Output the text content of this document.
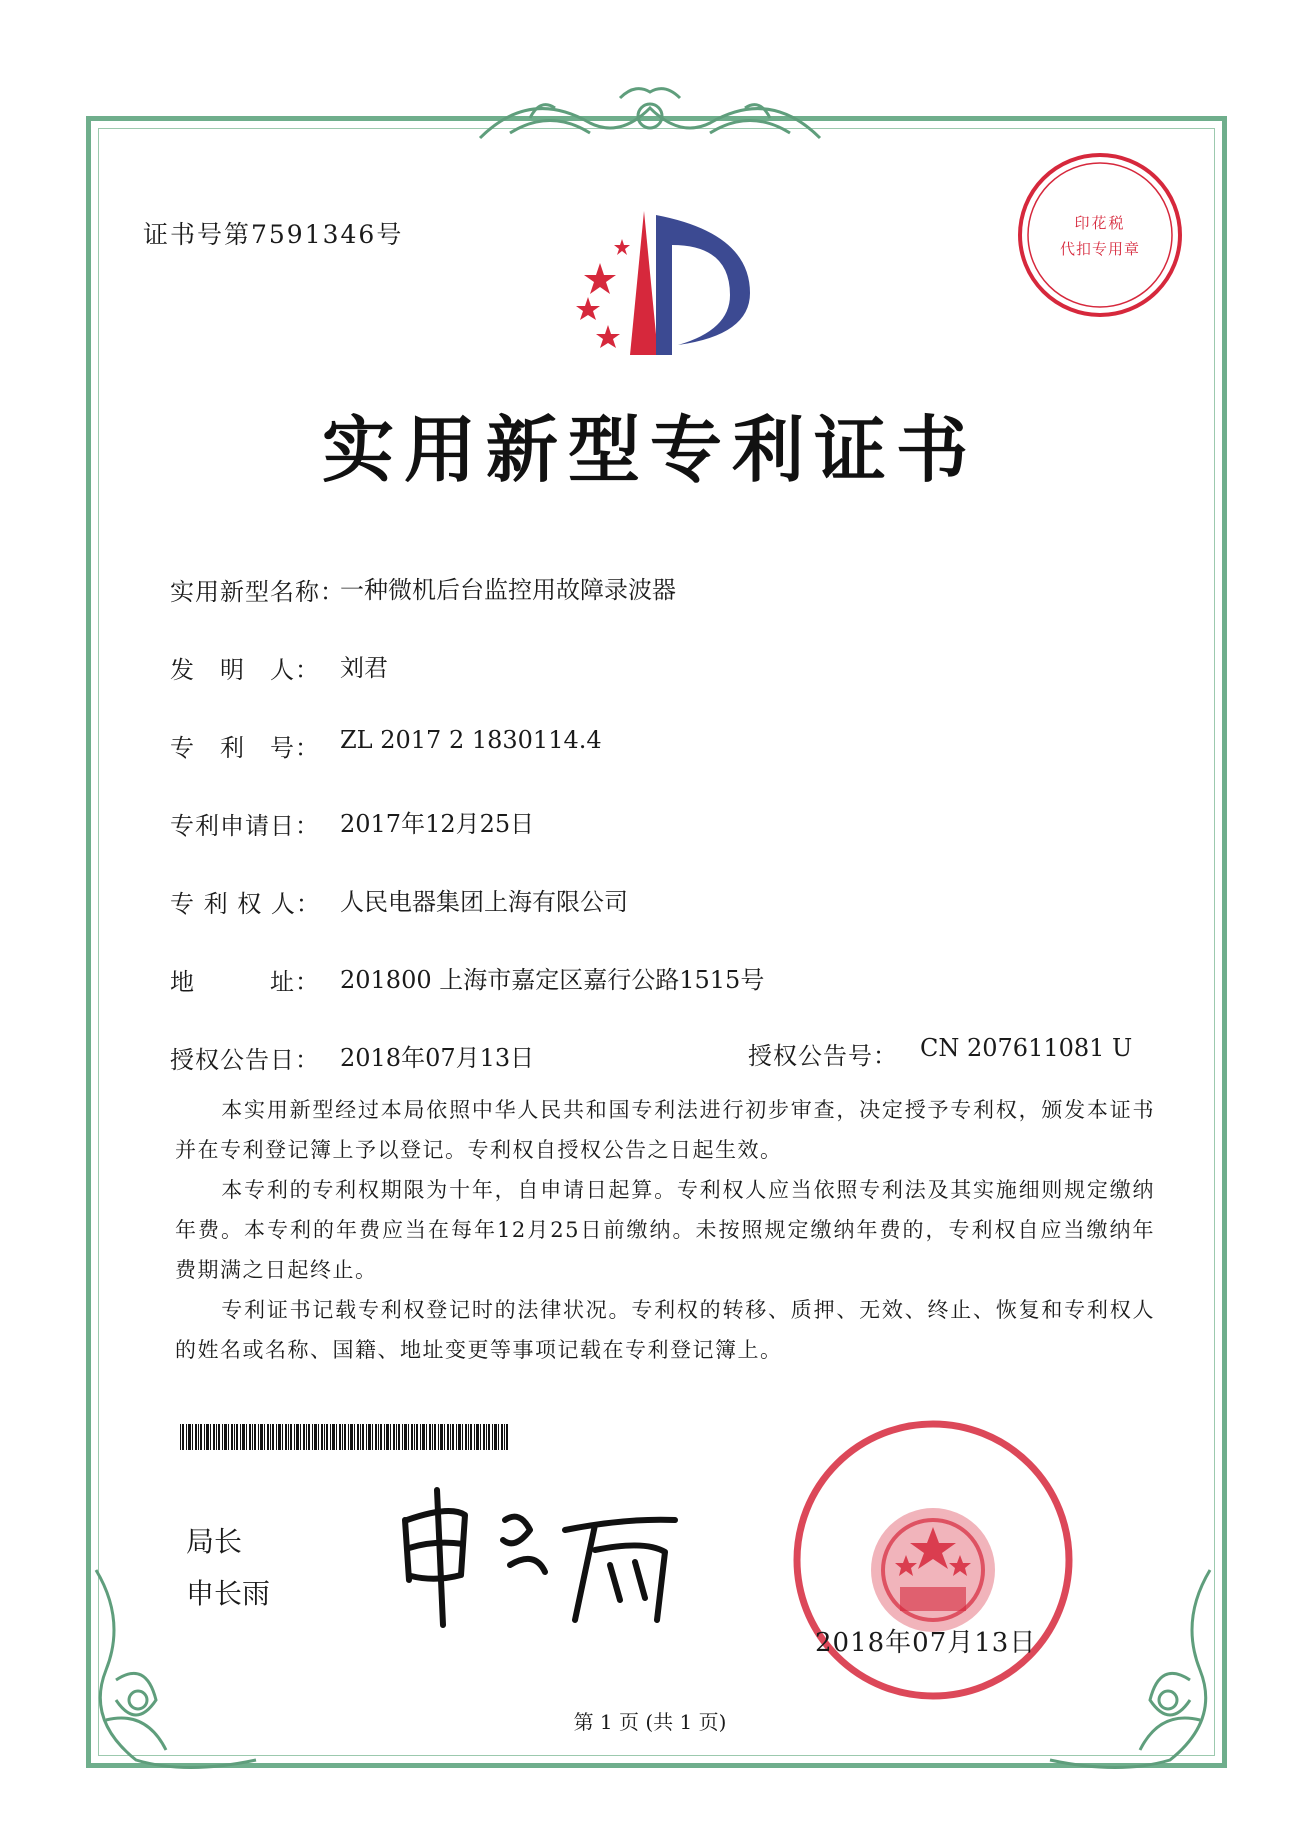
证书号第7591346号	印花税
代扣专用章
实用新型专利证书
实用新型名称：
一种微机后台监控用故障录波器
发　明　人： 刘君
专　利　号： ZL 2017 2 1830114.4
专利申请日： 2017年12月25日
专 利 权 人： 人民电器集团上海有限公司
地　　　址： 201800 上海市嘉定区嘉行公路1515号
授权公告日： 2018年07月13日	授权公告号： CN 207611081 U
本实用新型经过本局依照中华人民共和国专利法进行初步审查，决定授予专利权，颁发本证书并在专利登记簿上予以登记。专利权自授权公告之日起生效。
本专利的专利权期限为十年，自申请日起算。专利权人应当依照专利法及其实施细则规定缴纳年费。本专利的年费应当在每年12月25日前缴纳。未按照规定缴纳年费的，专利权自应当缴纳年费期满之日起终止。
专利证书记载专利权登记时的法律状况。专利权的转移、质押、无效、终止、恢复和专利权人的姓名或名称、国籍、地址变更等事项记载在专利登记簿上。
局长
申长雨
2018年07月13日
第 1 页 (共 1 页)
